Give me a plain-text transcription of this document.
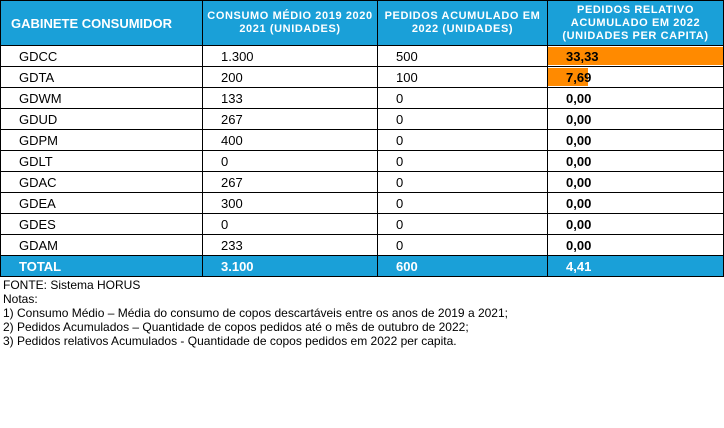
GABINETE CONSUMIDOR	CONSUMO MÉDIO 2019 2020 2021 (UNIDADES)	PEDIDOS ACUMULADO EM 2022 (UNIDADES)	PEDIDOS RELATIVO ACUMULADO EM 2022 (UNIDADES PER CAPITA)
GDCC	1.300	500	33,33
GDTA	200	100	7,69
GDWM	133	0	0,00
GDUD	267	0	0,00
GDPM	400	0	0,00
GDLT	0	0	0,00
GDAC	267	0	0,00
GDEA	300	0	0,00
GDES	0	0	0,00
GDAM	233	0	0,00
TOTAL	3.100	600	4,41
FONTE: Sistema HORUS
Notas:
1) Consumo Médio – Média do consumo de copos descartáveis entre os anos de 2019 a 2021;
2) Pedidos Acumulados – Quantidade de copos pedidos até o mês de outubro de 2022;
3) Pedidos relativos Acumulados - Quantidade de copos pedidos em 2022 per capita.
